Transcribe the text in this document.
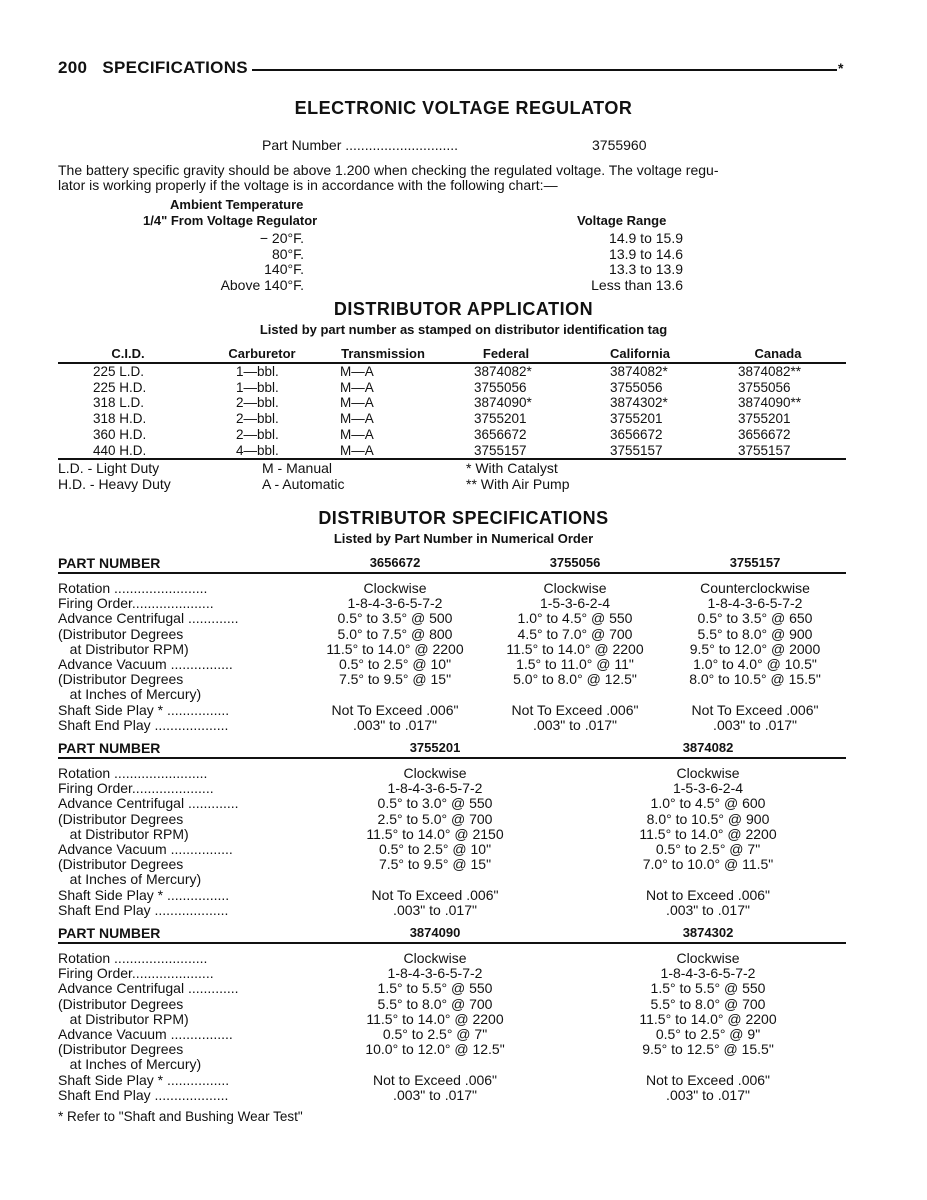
200 SPECIFICATIONS	*
ELECTRONIC VOLTAGE REGULATOR
Part Number .............................	3755960
The battery specific gravity should be above 1.200 when checking the regulated voltage. The voltage regu-
lator is working properly if the voltage is in accordance with the following chart:—
Ambient Temperature
1/4" From Voltage Regulator	Voltage Range
DISTRIBUTOR APPLICATION
Listed by part number as stamped on distributor identification tag
DISTRIBUTOR SPECIFICATIONS
Listed by Part Number in Numerical Order
* Refer to "Shaft and Bushing Wear Test"
− 20°F.	14.9 to 15.9
80°F.	13.9 to 14.6
140°F.	13.3 to 13.9
Above 140°F.	Less than 13.6
C.I.D.	Carburetor	Transmission	Federal	California	Canada
225 L.D.	1—bbl.	M—A	3874082*	3874082*	3874082**
225 H.D.	1—bbl.	M—A	3755056	3755056	3755056
318 L.D.	2—bbl.	M—A	3874090*	3874302*	3874090**
318 H.D.	2—bbl.	M—A	3755201	3755201	3755201
360 H.D.	2—bbl.	M—A	3656672	3656672	3656672
440 H.D.	4—bbl.	M—A	3755157	3755157	3755157
L.D. - Light Duty	M - Manual	* With Catalyst
H.D. - Heavy Duty	A - Automatic	** With Air Pump
PART NUMBER	3656672	3755056	3755157
Rotation ........................	Clockwise	Clockwise	Counterclockwise
Firing Order.....................	1-8-4-3-6-5-7-2	1-5-3-6-2-4	1-8-4-3-6-5-7-2
Advance Centrifugal .............	0.5° to 3.5° @ 500	1.0° to 4.5° @ 550	0.5° to 3.5° @ 650
(Distributor Degrees	5.0° to 7.5° @ 800	4.5° to 7.0° @ 700	5.5° to 8.0° @ 900
at Distributor RPM)	11.5° to 14.0° @ 2200	11.5° to 14.0° @ 2200	9.5° to 12.0° @ 2000
Advance Vacuum ................	0.5° to 2.5° @ 10"	1.5° to 11.0° @ 11"	1.0° to 4.0° @ 10.5"
(Distributor Degrees	7.5° to 9.5° @ 15"	5.0° to 8.0° @ 12.5"	8.0° to 10.5° @ 15.5"
at Inches of Mercury)
Shaft Side Play * ................	Not To Exceed .006"	Not To Exceed .006"	Not To Exceed .006"
Shaft End Play ...................	.003" to .017"	.003" to .017"	.003" to .017"
PART NUMBER	3755201	3874082
Rotation ........................	Clockwise	Clockwise
Firing Order.....................	1-8-4-3-6-5-7-2	1-5-3-6-2-4
Advance Centrifugal .............	0.5° to 3.0° @ 550	1.0° to 4.5° @ 600
(Distributor Degrees	2.5° to 5.0° @ 700	8.0° to 10.5° @ 900
at Distributor RPM)	11.5° to 14.0° @ 2150	11.5° to 14.0° @ 2200
Advance Vacuum ................	0.5° to 2.5° @ 10"	0.5° to 2.5° @ 7"
(Distributor Degrees	7.5° to 9.5° @ 15"	7.0° to 10.0° @ 11.5"
at Inches of Mercury)
Shaft Side Play * ................	Not To Exceed .006"	Not to Exceed .006"
Shaft End Play ...................	.003" to .017"	.003" to .017"
PART NUMBER	3874090	3874302
Rotation ........................	Clockwise	Clockwise
Firing Order.....................	1-8-4-3-6-5-7-2	1-8-4-3-6-5-7-2
Advance Centrifugal .............	1.5° to 5.5° @ 550	1.5° to 5.5° @ 550
(Distributor Degrees	5.5° to 8.0° @ 700	5.5° to 8.0° @ 700
at Distributor RPM)	11.5° to 14.0° @ 2200	11.5° to 14.0° @ 2200
Advance Vacuum ................	0.5° to 2.5° @ 7"	0.5° to 2.5° @ 9"
(Distributor Degrees	10.0° to 12.0° @ 12.5"	9.5° to 12.5° @ 15.5"
at Inches of Mercury)
Shaft Side Play * ................	Not to Exceed .006"	Not to Exceed .006"
Shaft End Play ...................	.003" to .017"	.003" to .017"
